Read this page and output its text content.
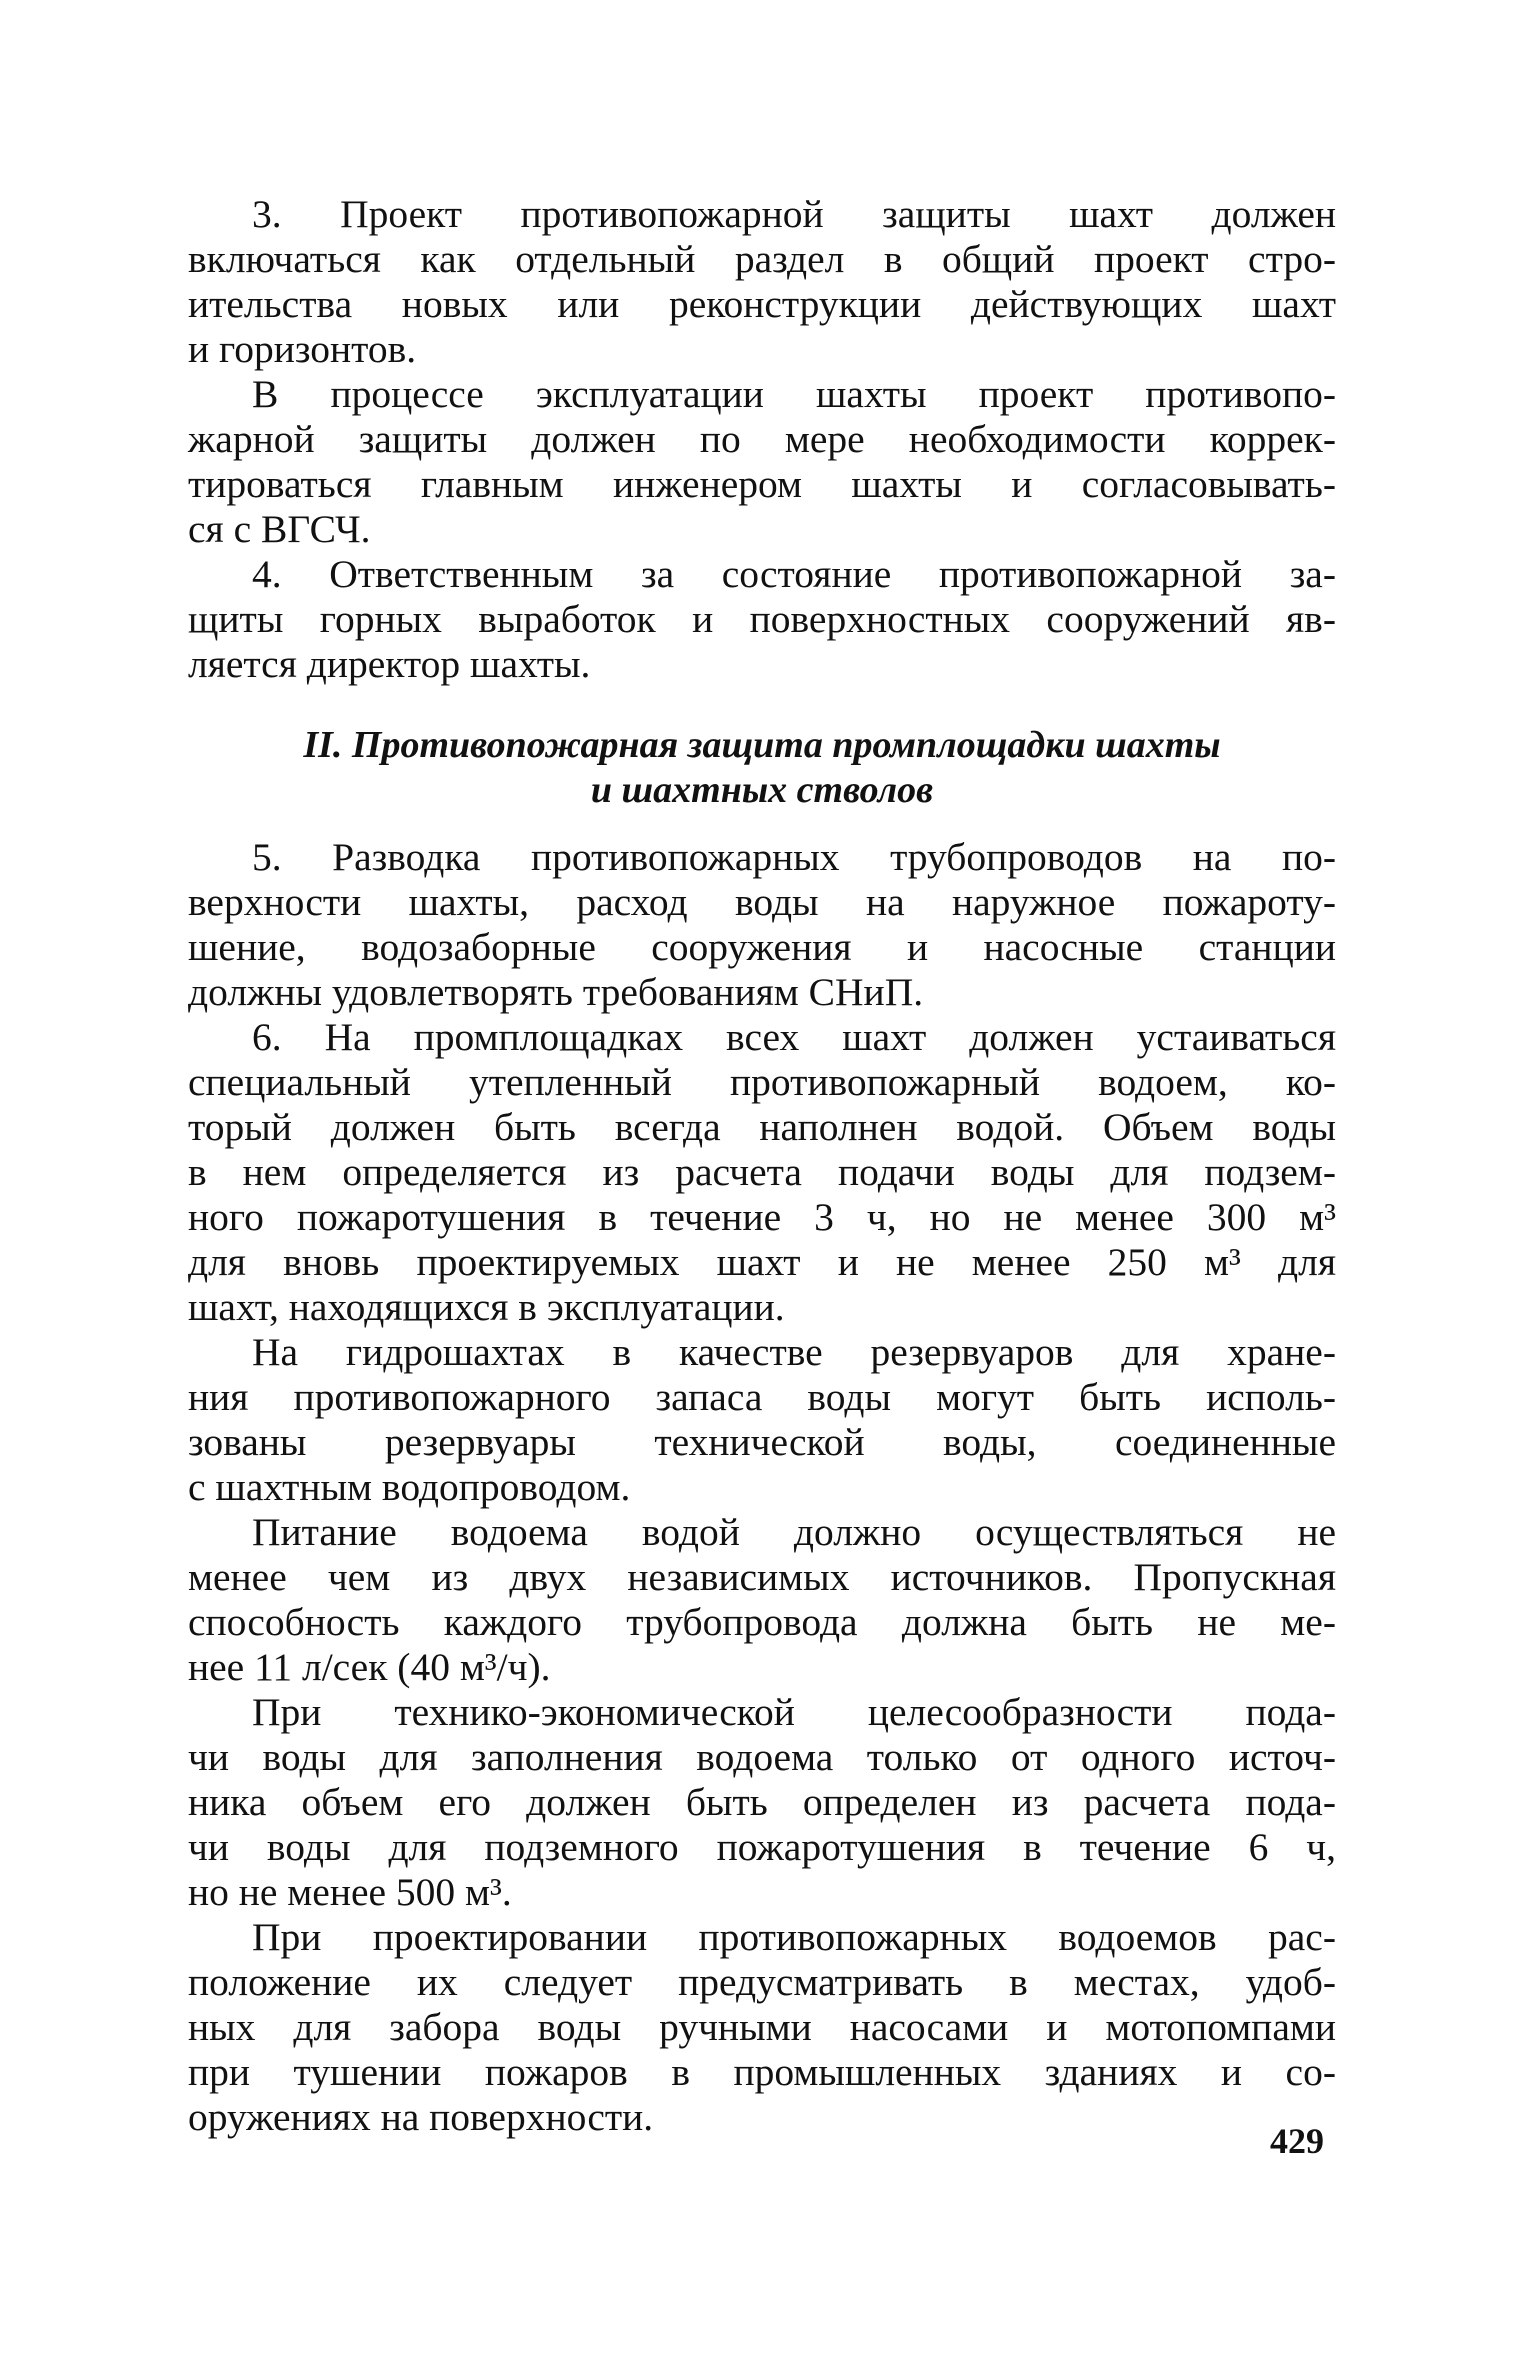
3. Проект противопожарной защиты шахт должен
включаться как отдельный раздел в общий проект стро-
ительства новых или реконструкции действующих шахт
и горизонтов.
В процессе эксплуатации шахты проект противопо-
жарной защиты должен по мере необходимости коррек-
тироваться главным инженером шахты и согласовывать-
ся с ВГСЧ.
4. Ответственным за состояние противопожарной за-
щиты горных выработок и поверхностных сооружений яв-
ляется директор шахты.
II. Противопожарная защита промплощадки шахты
и шахтных стволов
5. Разводка противопожарных трубопроводов на по-
верхности шахты, расход воды на наружное пожароту-
шение, водозаборные сооружения и насосные станции
должны удовлетворять требованиям СНиП.
6. На промплощадках всех шахт должен устаиваться
специальный утепленный противопожарный водоем, ко-
торый должен быть всегда наполнен водой. Объем воды
в нем определяется из расчета подачи воды для подзем-
ного пожаротушения в течение 3 ч, но не менее 300 м³
для вновь проектируемых шахт и не менее 250 м³ для
шахт, находящихся в эксплуатации.
На гидрошахтах в качестве резервуаров для хране-
ния противопожарного запаса воды могут быть исполь-
зованы резервуары технической воды, соединенные
с шахтным водопроводом.
Питание водоема водой должно осуществляться не
менее чем из двух независимых источников. Пропускная
способность каждого трубопровода должна быть не ме-
нее 11 л/сек (40 м³/ч).
При технико-экономической целесообразности пода-
чи воды для заполнения водоема только от одного источ-
ника объем его должен быть определен из расчета пода-
чи воды для подземного пожаротушения в течение 6 ч,
но не менее 500 м³.
При проектировании противопожарных водоемов рас-
положение их следует предусматривать в местах, удоб-
ных для забора воды ручными насосами и мотопомпами
при тушении пожаров в промышленных зданиях и со-
оружениях на поверхности.
429
